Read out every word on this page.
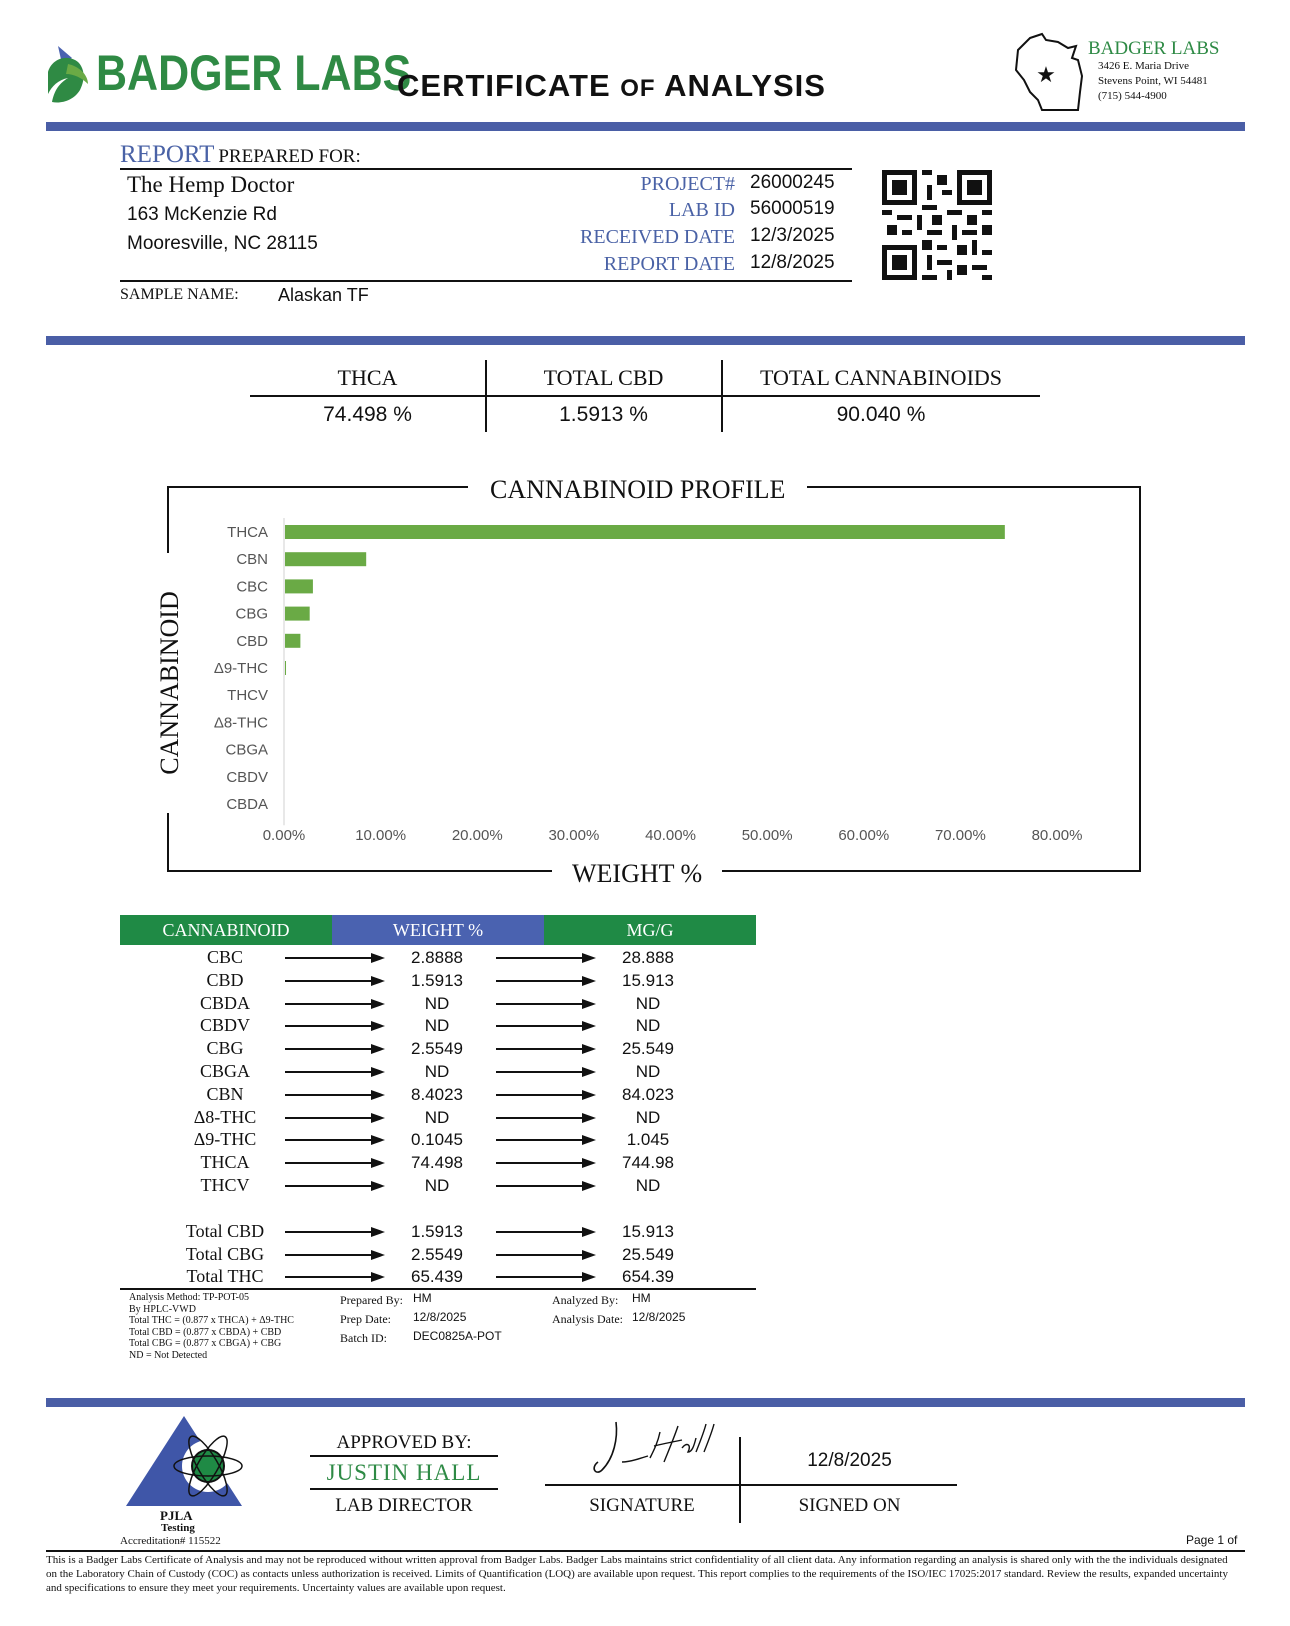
BADGER LABS
CERTIFICATE OF ANALYSIS	★
BADGER LABS
3426 E. Maria Drive
Stevens Point, WI 54481
(715) 544-4900
REPORT PREPARED FOR:
The Hemp Doctor
163 McKenzie Rd
Mooresville, NC 28115
PROJECT# 26000245
LAB ID 56000519
RECEIVED DATE 12/3/2025
REPORT DATE 12/8/2025
SAMPLE NAME: Alaskan TF
THCA	TOTAL CBD	TOTAL CANNABINOIDS
74.498 %	1.5913 %	90.040 %
CANNABINOID PROFILE
WEIGHT %
CANNABINOID
THCA
CBN
CBC
CBG
CBD
Δ9-THC
THCV
Δ8-THC
CBGA
CBDV
CBDA
0.00%	10.00%	20.00%	30.00%	40.00%	50.00%	60.00%	70.00%	80.00%
CANNABINOID	WEIGHT %	MG/G
CBC	2.8888	28.888
CBD	1.5913	15.913
CBDA	ND	ND
CBDV	ND	ND
CBG	2.5549	25.549
CBGA	ND	ND
CBN	8.4023	84.023
Δ8-THC	ND	ND
Δ9-THC	0.1045	1.045
THCA	74.498	744.98
THCV	ND	ND
Total CBD	1.5913	15.913
Total CBG	2.5549	25.549
Total THC	65.439	654.39
Analysis Method: TP-POT-05
By HPLC-VWD
Total THC = (0.877 x THCA) + Δ9-THC
Total CBD = (0.877 x CBDA) + CBD
Total CBG = (0.877 x CBGA) + CBG
ND = Not Detected
Prepared By: HM
Prep Date: 12/8/2025
Batch ID: DEC0825A-POT
Analyzed By: HM
Analysis Date: 12/8/2025
PJLA
Testing
Accreditation# 115522
APPROVED BY:
JUSTIN HALL
LAB DIRECTOR	SIGNATURE
12/8/2025
SIGNED ON
Page 1 of
This is a Badger Labs Certificate of Analysis and may not be reproduced without written approval from Badger Labs. Badger Labs maintains strict confidentiality of all client data. Any information regarding an analysis is shared only with the the individuals designated on the Laboratory Chain of Custody (COC) as contacts unless authorization is received. Limits of Quantification (LOQ) are available upon request. This report complies to the requirements of the ISO/IEC 17025:2017 standard. Review the results, expanded uncertainty and specifications to ensure they meet your requirements. Uncertainty values are available upon request.
